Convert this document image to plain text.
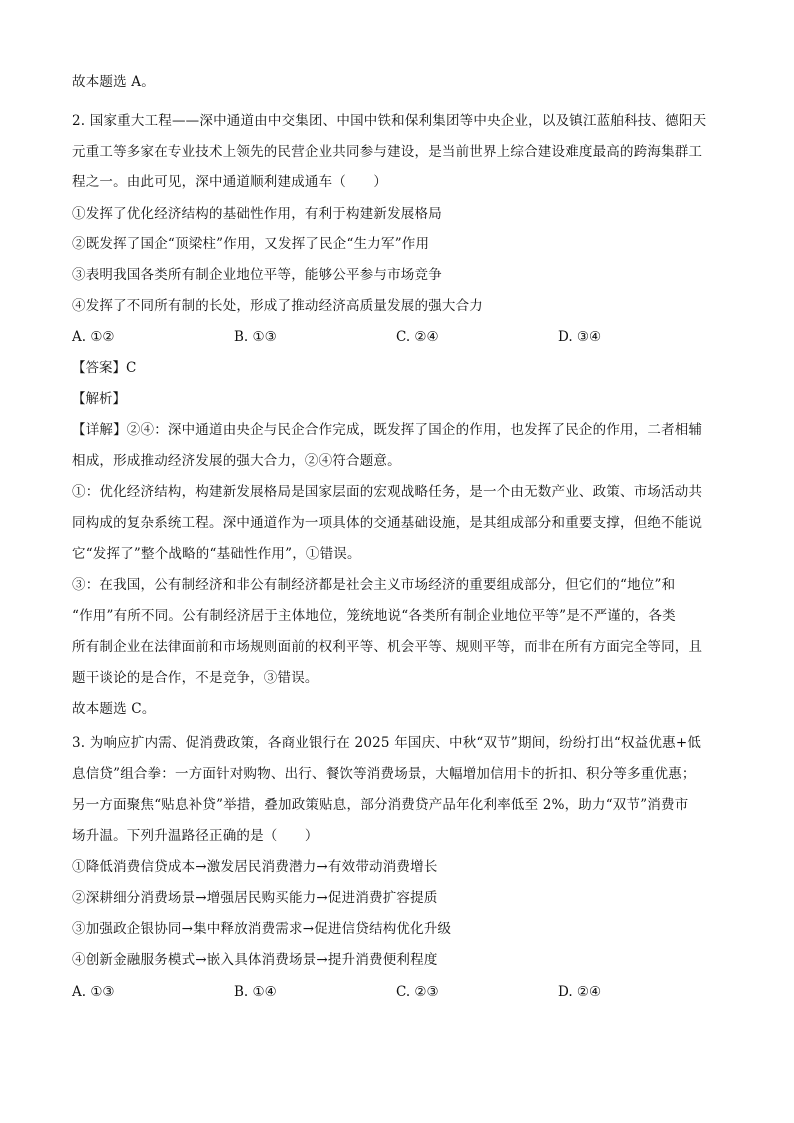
故本题选 A。
2. 国家重大工程——深中通道由中交集团、中国中铁和保利集团等中央企业，以及镇江蓝舶科技、德阳天
元重工等多家在专业技术上领先的民营企业共同参与建设，是当前世界上综合建设难度最高的跨海集群工
程之一。由此可见，深中通道顺利建成通车（　　）
①发挥了优化经济结构的基础性作用，有利于构建新发展格局
②既发挥了国企“顶梁柱”作用，又发挥了民企“生力军”作用
③表明我国各类所有制企业地位平等，能够公平参与市场竞争
④发挥了不同所有制的长处，形成了推动经济高质量发展的强大合力
A. ①②	B. ①③	C. ②④	D. ③④
【答案】C
【解析】
【详解】②④：深中通道由央企与民企合作完成，既发挥了国企的作用，也发挥了民企的作用，二者相辅
相成，形成推动经济发展的强大合力，②④符合题意。
①：优化经济结构，构建新发展格局是国家层面的宏观战略任务，是一个由无数产业、政策、市场活动共
同构成的复杂系统工程。深中通道作为一项具体的交通基础设施，是其组成部分和重要支撑，但绝不能说
它“发挥了”整个战略的“基础性作用”，①错误。
③：在我国，公有制经济和非公有制经济都是社会主义市场经济的重要组成部分，但它们的“地位”和
“作用”有所不同。公有制经济居于主体地位，笼统地说“各类所有制企业地位平等”是不严谨的，各类
所有制企业在法律面前和市场规则面前的权利平等、机会平等、规则平等，而非在所有方面完全等同，且
题干谈论的是合作，不是竞争，③错误。
故本题选 C。
3. 为响应扩内需、促消费政策，各商业银行在 2025 年国庆、中秋“双节”期间，纷纷打出“权益优惠+低
息信贷”组合拳：一方面针对购物、出行、餐饮等消费场景，大幅增加信用卡的折扣、积分等多重优惠；
另一方面聚焦“贴息补贷”举措，叠加政策贴息，部分消费贷产品年化利率低至 2%，助力“双节”消费市
场升温。下列升温路径正确的是（　　）
①降低消费信贷成本→激发居民消费潜力→有效带动消费增长
②深耕细分消费场景→增强居民购买能力→促进消费扩容提质
③加强政企银协同→集中释放消费需求→促进信贷结构优化升级
④创新金融服务模式→嵌入具体消费场景→提升消费便利程度
A. ①③	B. ①④	C. ②③	D. ②④
